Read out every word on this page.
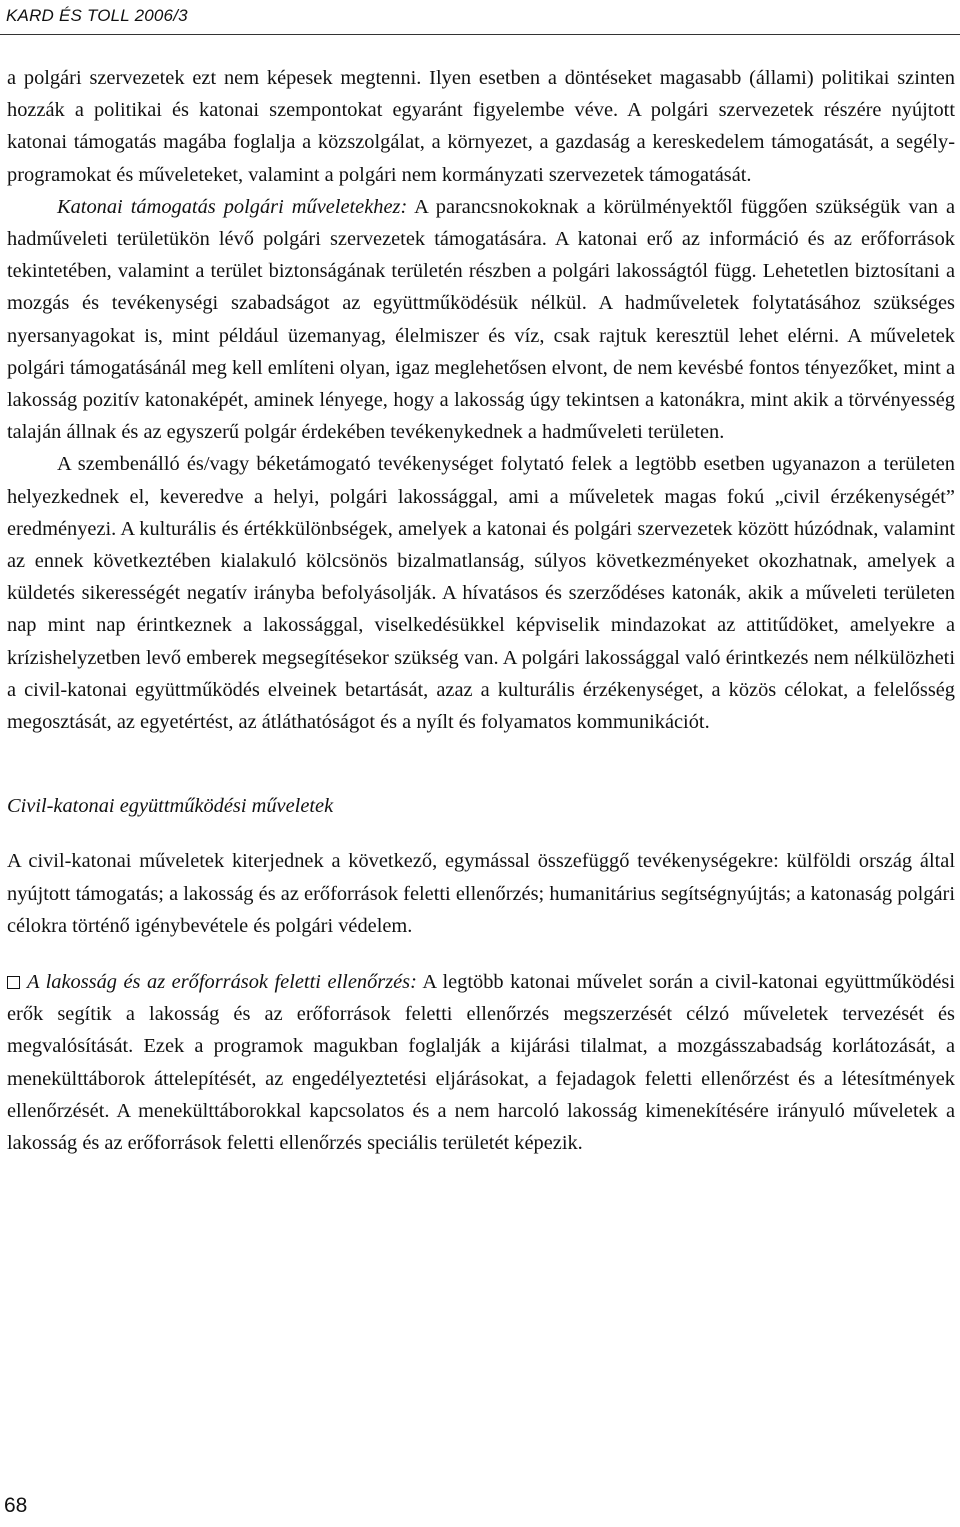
KARD ÉS TOLL 2006/3

a polgári szervezetek ezt nem képesek megtenni. Ilyen esetben a döntéseket magasabb (állami) politikai szinten hozzák a politikai és katonai szempontokat egyaránt figyelembe véve. A polgári szervezetek részére nyújtott katonai támogatás magába foglalja a közszolgálat, a környezet, a gazdaság a kereskedelem támogatását, a segély-programokat és műveleteket, valamint a polgári nem kormányzati szervezetek támogatását.

Katonai támogatás polgári műveletekhez: A parancsnokoknak a körülményektől függően szükségük van a hadműveleti területükön lévő polgári szervezetek támogatására. A katonai erő az információ és az erőforrások tekintetében, valamint a terület biztonságának területén részben a polgári lakosságtól függ. Lehetetlen biztosítani a mozgás és tevékenységi szabadságot az együttműködésük nélkül. A hadműveletek folytatásához szükséges nyersanyagokat is, mint például üzemanyag, élelmiszer és víz, csak rajtuk keresztül lehet elérni. A műveletek polgári támogatásánál meg kell említeni olyan, igaz meglehetősen elvont, de nem kevésbé fontos tényezőket, mint a lakosság pozitív katonaképét, aminek lényege, hogy a lakosság úgy tekintsen a katonákra, mint akik a törvényesség talaján állnak és az egyszerű polgár érdekében tevékenykednek a hadműveleti területen.

A szembenálló és/vagy béketámogató tevékenységet folytató felek a legtöbb esetben ugyanazon a területen helyezkednek el, keveredve a helyi, polgári lakossággal, ami a műveletek magas fokú „civil érzékenységét” eredményezi. A kulturális és értékkülönbségek, amelyek a katonai és polgári szervezetek között húzódnak, valamint az ennek következtében kialakuló kölcsönös bizalmatlanság, súlyos következményeket okozhatnak, amelyek a küldetés sikerességét negatív irányba befolyásolják. A hívatásos és szerződéses katonák, akik a műveleti területen nap mint nap érintkeznek a lakossággal, viselkedésükkel képviselik mindazokat az attitűdöket, amelyekre a krízishelyzetben levő emberek megsegítésekor szükség van. A polgári lakossággal való érintkezés nem nélkülözheti a civil-katonai együttműködés elveinek betartását, azaz a kulturális érzékenységet, a közös célokat, a felelősség megosztását, az egyetértést, az átláthatóságot és a nyílt és folyamatos kommunikációt.

Civil-katonai együttműködési műveletek

A civil-katonai műveletek kiterjednek a következő, egymással összefüggő tevékenységekre: külföldi ország által nyújtott támogatás; a lakosság és az erőforrások feletti ellenőrzés; humanitárius segítségnyújtás; a katonaság polgári célokra történő igénybevétele és polgári védelem.

A lakosság és az erőforrások feletti ellenőrzés: A legtöbb katonai művelet során a civil-katonai együttműködési erők segítik a lakosság és az erőforrások feletti ellenőrzés megszerzését célzó műveletek tervezését és megvalósítását. Ezek a programok magukban foglalják a kijárási tilalmat, a mozgásszabadság korlátozását, a menekülttáborok áttelepítését, az engedélyeztetési eljárásokat, a fejadagok feletti ellenőrzést és a létesítmények ellenőrzését. A menekülttáborokkal kapcsolatos és a nem harcoló lakosság kimenekítésére irányuló műveletek a lakosság és az erőforrások feletti ellenőrzés speciális területét képezik.

68
